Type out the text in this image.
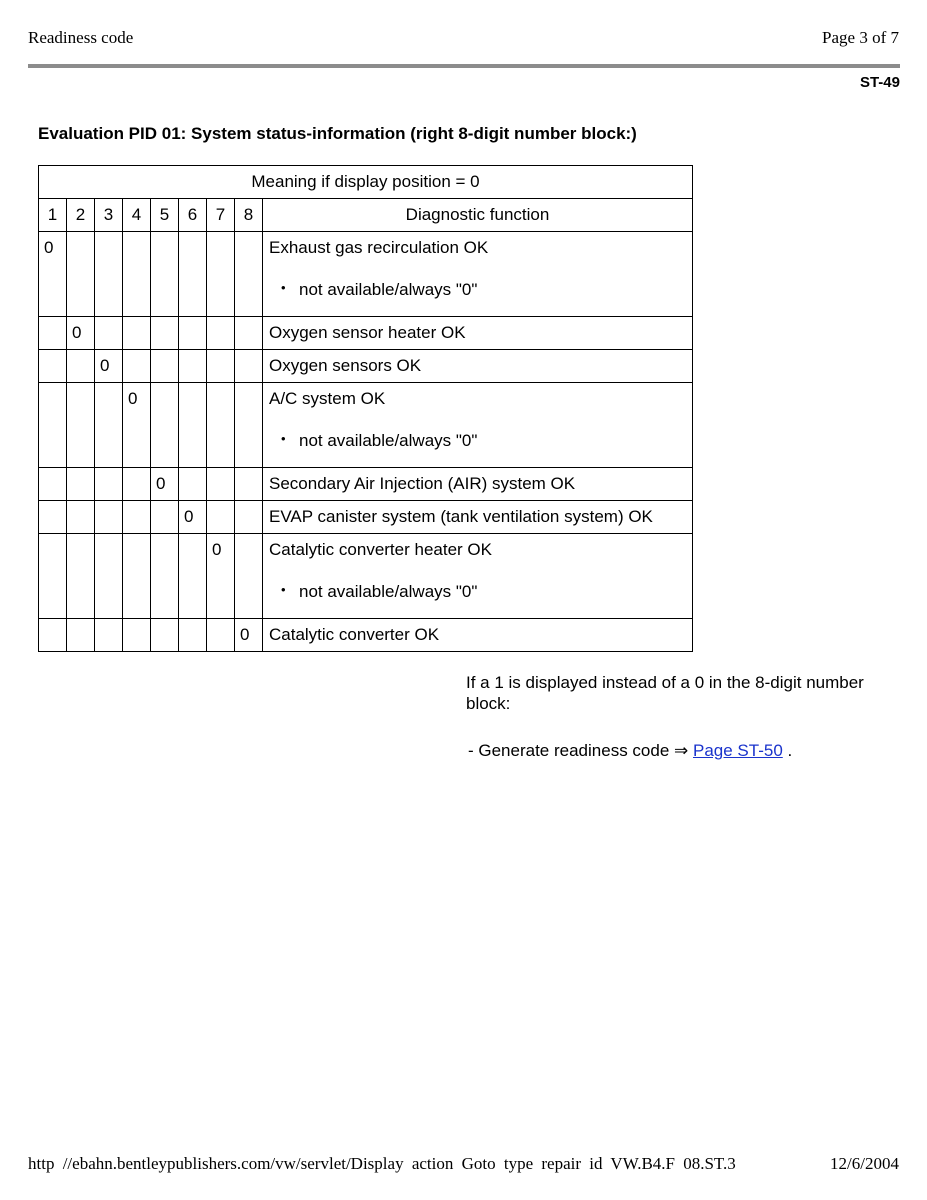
Readiness code	Page 3 of 7
ST-49
Evaluation PID 01: System status-information (right 8-digit number block:)
Meaning if display position = 0								
1	2	3	4	5	6	7	8	Diagnostic function
0								Exhaust gas recirculation OK
• not available/always "0"

	0							Oxygen sensor heater OK

		0						Oxygen sensors OK

			0					A/C system OK
• not available/always "0"

				0				Secondary Air Injection (AIR) system OK

					0			EVAP canister system (tank ventilation system) OK

						0		Catalytic converter heater OK
• not available/always "0"

							0	Catalytic converter OK
If a 1 is displayed instead of a 0 in the 8-digit number block:
- Generate readiness code ⇒ Page ST-50 .
http //ebahn.bentleypublishers.com/vw/servlet/Display action Goto type repair id VW.B4.F 08.ST.3	12/6/2004
